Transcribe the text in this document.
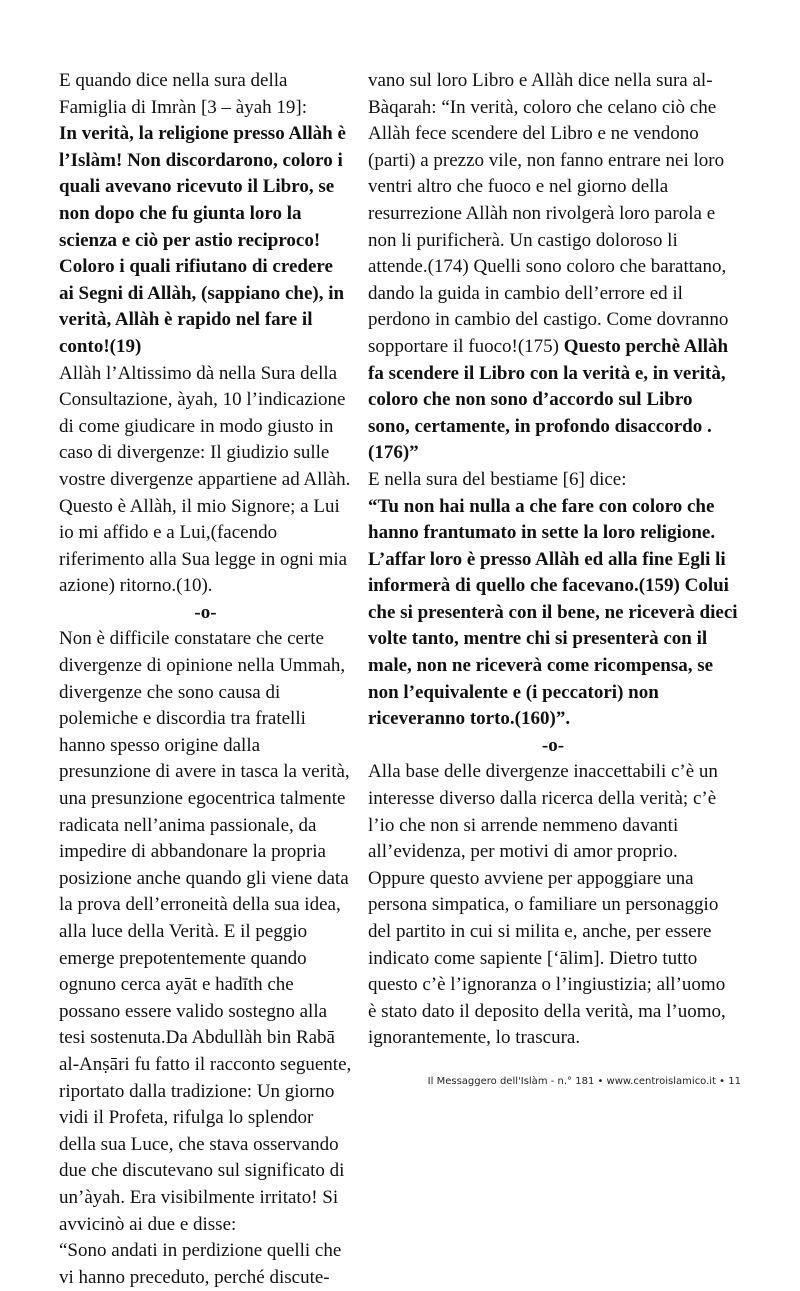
E quando dice nella sura della Famiglia di Imràn [3 – àyah 19]:

In verità, la religione presso Allàh è l’Islàm! Non discordarono, coloro i quali avevano ricevuto il Libro, se non dopo che fu giunta loro la scienza e ciò per astio reciproco! Coloro i quali rifiutano di credere ai Segni di Allàh, (sappiano che), in verità, Allàh è rapido nel fare il conto!(19)

Allàh l’Altissimo dà nella Sura della Consultazione, àyah, 10 l’indicazione di come giudicare in modo giusto in caso di divergenze: Il giudizio sulle vostre divergenze appartiene ad Allàh. Questo è Allàh, il mio Signore; a Lui io mi affido e a Lui,(facendo riferimento alla Sua legge in ogni mia azione) ritorno.(10).

-o-

Non è difficile constatare che certe divergenze di opinione nella Ummah, divergenze che sono causa di polemiche e discordia tra fratelli hanno spesso origine dalla presunzione di avere in tasca la verità, una presunzione egocentrica talmente radicata nell’anima passionale, da impedire di abbandonare la propria posizione anche quando gli viene data la prova dell’erroneità della sua idea, alla luce della Verità. E il peggio emerge prepotentemente quando ognuno cerca ayāt e hadīth che possano essere valido sostegno alla tesi sostenuta.Da Abdullàh bin Rabā al-Anṣāri fu fatto il racconto seguente, riportato dalla tradizione: Un giorno vidi il Profeta, rifulga lo splendor della sua Luce, che stava osservando due che discutevano sul significato di un’àyah. Era visibilmente irritato! Si avvicinò ai due e disse:

“Sono andati in perdizione quelli che vi hanno preceduto, perché discute-

vano sul loro Libro e Allàh dice nella sura al-Bàqarah: “In verità, coloro che celano ciò che Allàh fece scendere del Libro e ne vendono (parti) a prezzo vile, non fanno entrare nei loro ventri altro che fuoco e nel giorno della resurrezione Allàh non rivolgerà loro parola e non li purificherà. Un castigo doloroso li attende.(174) Quelli sono coloro che barattano, dando la guida in cambio dell’errore ed il perdono in cambio del castigo. Come dovranno sopportare il fuoco!(175) Questo perchè Allàh fa scendere il Libro con la verità e, in verità, coloro che non sono d’accordo sul Libro sono, certamente, in profondo disaccordo .(176)”

E nella sura del bestiame [6] dice:

“Tu non hai nulla a che fare con coloro che hanno frantumato in sette la loro religione. L’affar loro è presso Allàh ed alla fine Egli li informerà di quello che facevano.(159) Colui che si presenterà con il bene, ne riceverà dieci volte tanto, mentre chi si presenterà con il male, non ne riceverà come ricompensa, se non l’equivalente e (i peccatori) non riceveranno torto.(160)”.

-o-

Alla base delle divergenze inaccettabili c’è un interesse diverso dalla ricerca della verità; c’è l’io che non si arrende nemmeno davanti all’evidenza, per motivi di amor proprio. Oppure questo avviene per appoggiare una persona simpatica, o familiare un personaggio del partito in cui si milita e, anche, per essere indicato come sapiente [‘ālim]. Dietro tutto questo c’è l’ignoranza o l’ingiustizia; all’uomo è stato dato il deposito della verità, ma l’uomo, ignorantemente, lo trascura.

Il Messaggero dell'Islàm - n.° 181 • www.centroislamico.it • 11
